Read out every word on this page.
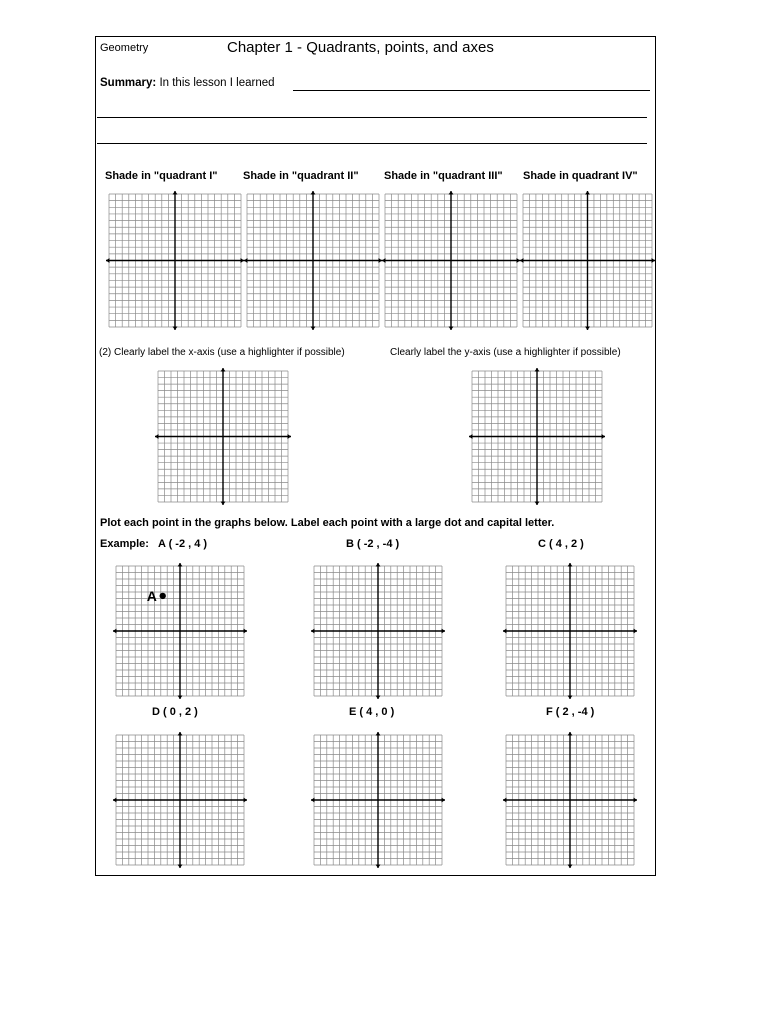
Geometry	Chapter 1 - Quadrants, points, and axes
Summary: In this lesson I learned
Shade in "quadrant I" Shade in "quadrant II" Shade in "quadrant III" Shade in quadrant IV"
(2) Clearly label the x-axis (use a highlighter if possible)	Clearly label the y-axis (use a highlighter if possible)
Plot each point in the graphs below. Label each point with a large dot and capital letter.
Example: A ( -2 , 4 )	B ( -2 , -4 )	C ( 4 , 2 )
D ( 0 , 2 )	E ( 4 , 0 )	F ( 2 , -4 )
A
